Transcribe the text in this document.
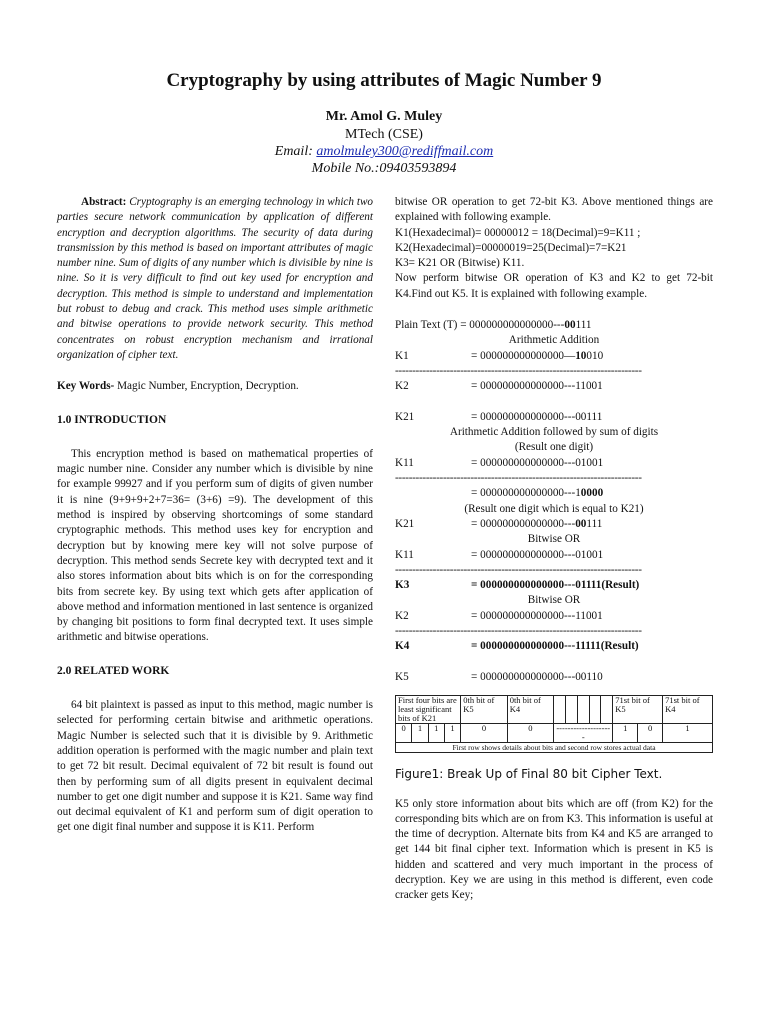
Cryptography by using attributes of Magic Number 9
Mr. Amol G. Muley
MTech (CSE)
Email: amolmuley300@rediffmail.com
Mobile No.:09403593894

Abstract: Cryptography is an emerging technology in which two parties secure network communication by application of different encryption and decryption algorithms. The security of data during transmission by this method is based on important attributes of magic number nine. Sum of digits of any number which is divisible by nine is nine. So it is very difficult to find out key used for encryption and decryption. This method is simple to understand and implementation but robust to debug and crack. This method uses simple arithmetic and bitwise operations to provide network security. This method concentrates on robust encryption mechanism and irrational organization of cipher text.

Key Words- Magic Number, Encryption, Decryption.

1.0 INTRODUCTION

This encryption method is based on mathematical properties of magic number nine. Consider any number which is divisible by nine for example 99927 and if you perform sum of digits of given number it is nine (9+9+9+2+7=36= (3+6) =9). The development of this method is inspired by observing shortcomings of some standard cryptographic methods. This method uses key for encryption and decryption but by knowing mere key will not solve purpose of decryption. This method sends Secrete key with decrypted text and it also stores information about bits which is on for the corresponding bits from secrete key. By using text which gets after application of above method and information mentioned in last sentence is organized by changing bit positions to form final decrypted text. It uses simple arithmetic and bitwise operations.

2.0 RELATED WORK

64 bit plaintext is passed as input to this method, magic number is selected for performing certain bitwise and arithmetic operations. Magic Number is selected such that it is divisible by 9. Arithmetic addition operation is performed with the magic number and plain text to get 72 bit result. Decimal equivalent of 72 bit result is found out then by performing sum of all digits present in equivalent decimal number to get one digit number and suppose it is K21. Same way find out decimal equivalent of K1 and perform sum of digit operation to get one digit final number and suppose it is K11. Perform

bitwise OR operation to get 72-bit K3. Above mentioned things are explained with following example.

K1(Hexadecimal)= 00000012 = 18(Decimal)=9=K11 ;

K2(Hexadecimal)=00000019=25(Decimal)=7=K21

K3= K21 OR (Bitwise) K11.

Now perform bitwise OR operation of K3 and K2 to get 72-bit K4.Find out K5. It is explained with following example.

Plain Text (T) = 000000000000000--- 00 111
Arithmetic Addition
K1	= 000000000000000— 10 010
------------------------------------------------------------------------
K2	= 000000000000000---11001
K21	= 000000000000000---00111
Arithmetic Addition followed by sum of digits
(Result one digit)
K11	= 000000000000000---01001
------------------------------------------------------------------------
= 000000000000000---1 0000
(Result one digit which is equal to K21)
K21	= 000000000000000--- 00 111
Bitwise OR
K11	= 000000000000000---01001
------------------------------------------------------------------------
K3	= 000000000000000---01111(Result)
Bitwise OR
K2	= 000000000000000---11001
------------------------------------------------------------------------
K4	= 000000000000000---11111(Result)
K5	= 000000000000000---00110
First four bits are least significant bits of K21				0th bit of K5	0th bit of K4						71st bit of K5		71st bit of K4
0	1	1	1	0	0	--------------------					1	0	1
First row shows details about bits and second row stores actual data													
Figure1: Break Up of Final 80 bit Cipher Text.

K5 only store information about bits which are off (from K2) for the corresponding bits which are on from K3. This information is useful at the time of decryption. Alternate bits from K4 and K5 are arranged to get 144 bit final cipher text. Information which is present in K5 is hidden and scattered and very much important in the process of decryption. Key we are using in this method is different, even code cracker gets Key;
